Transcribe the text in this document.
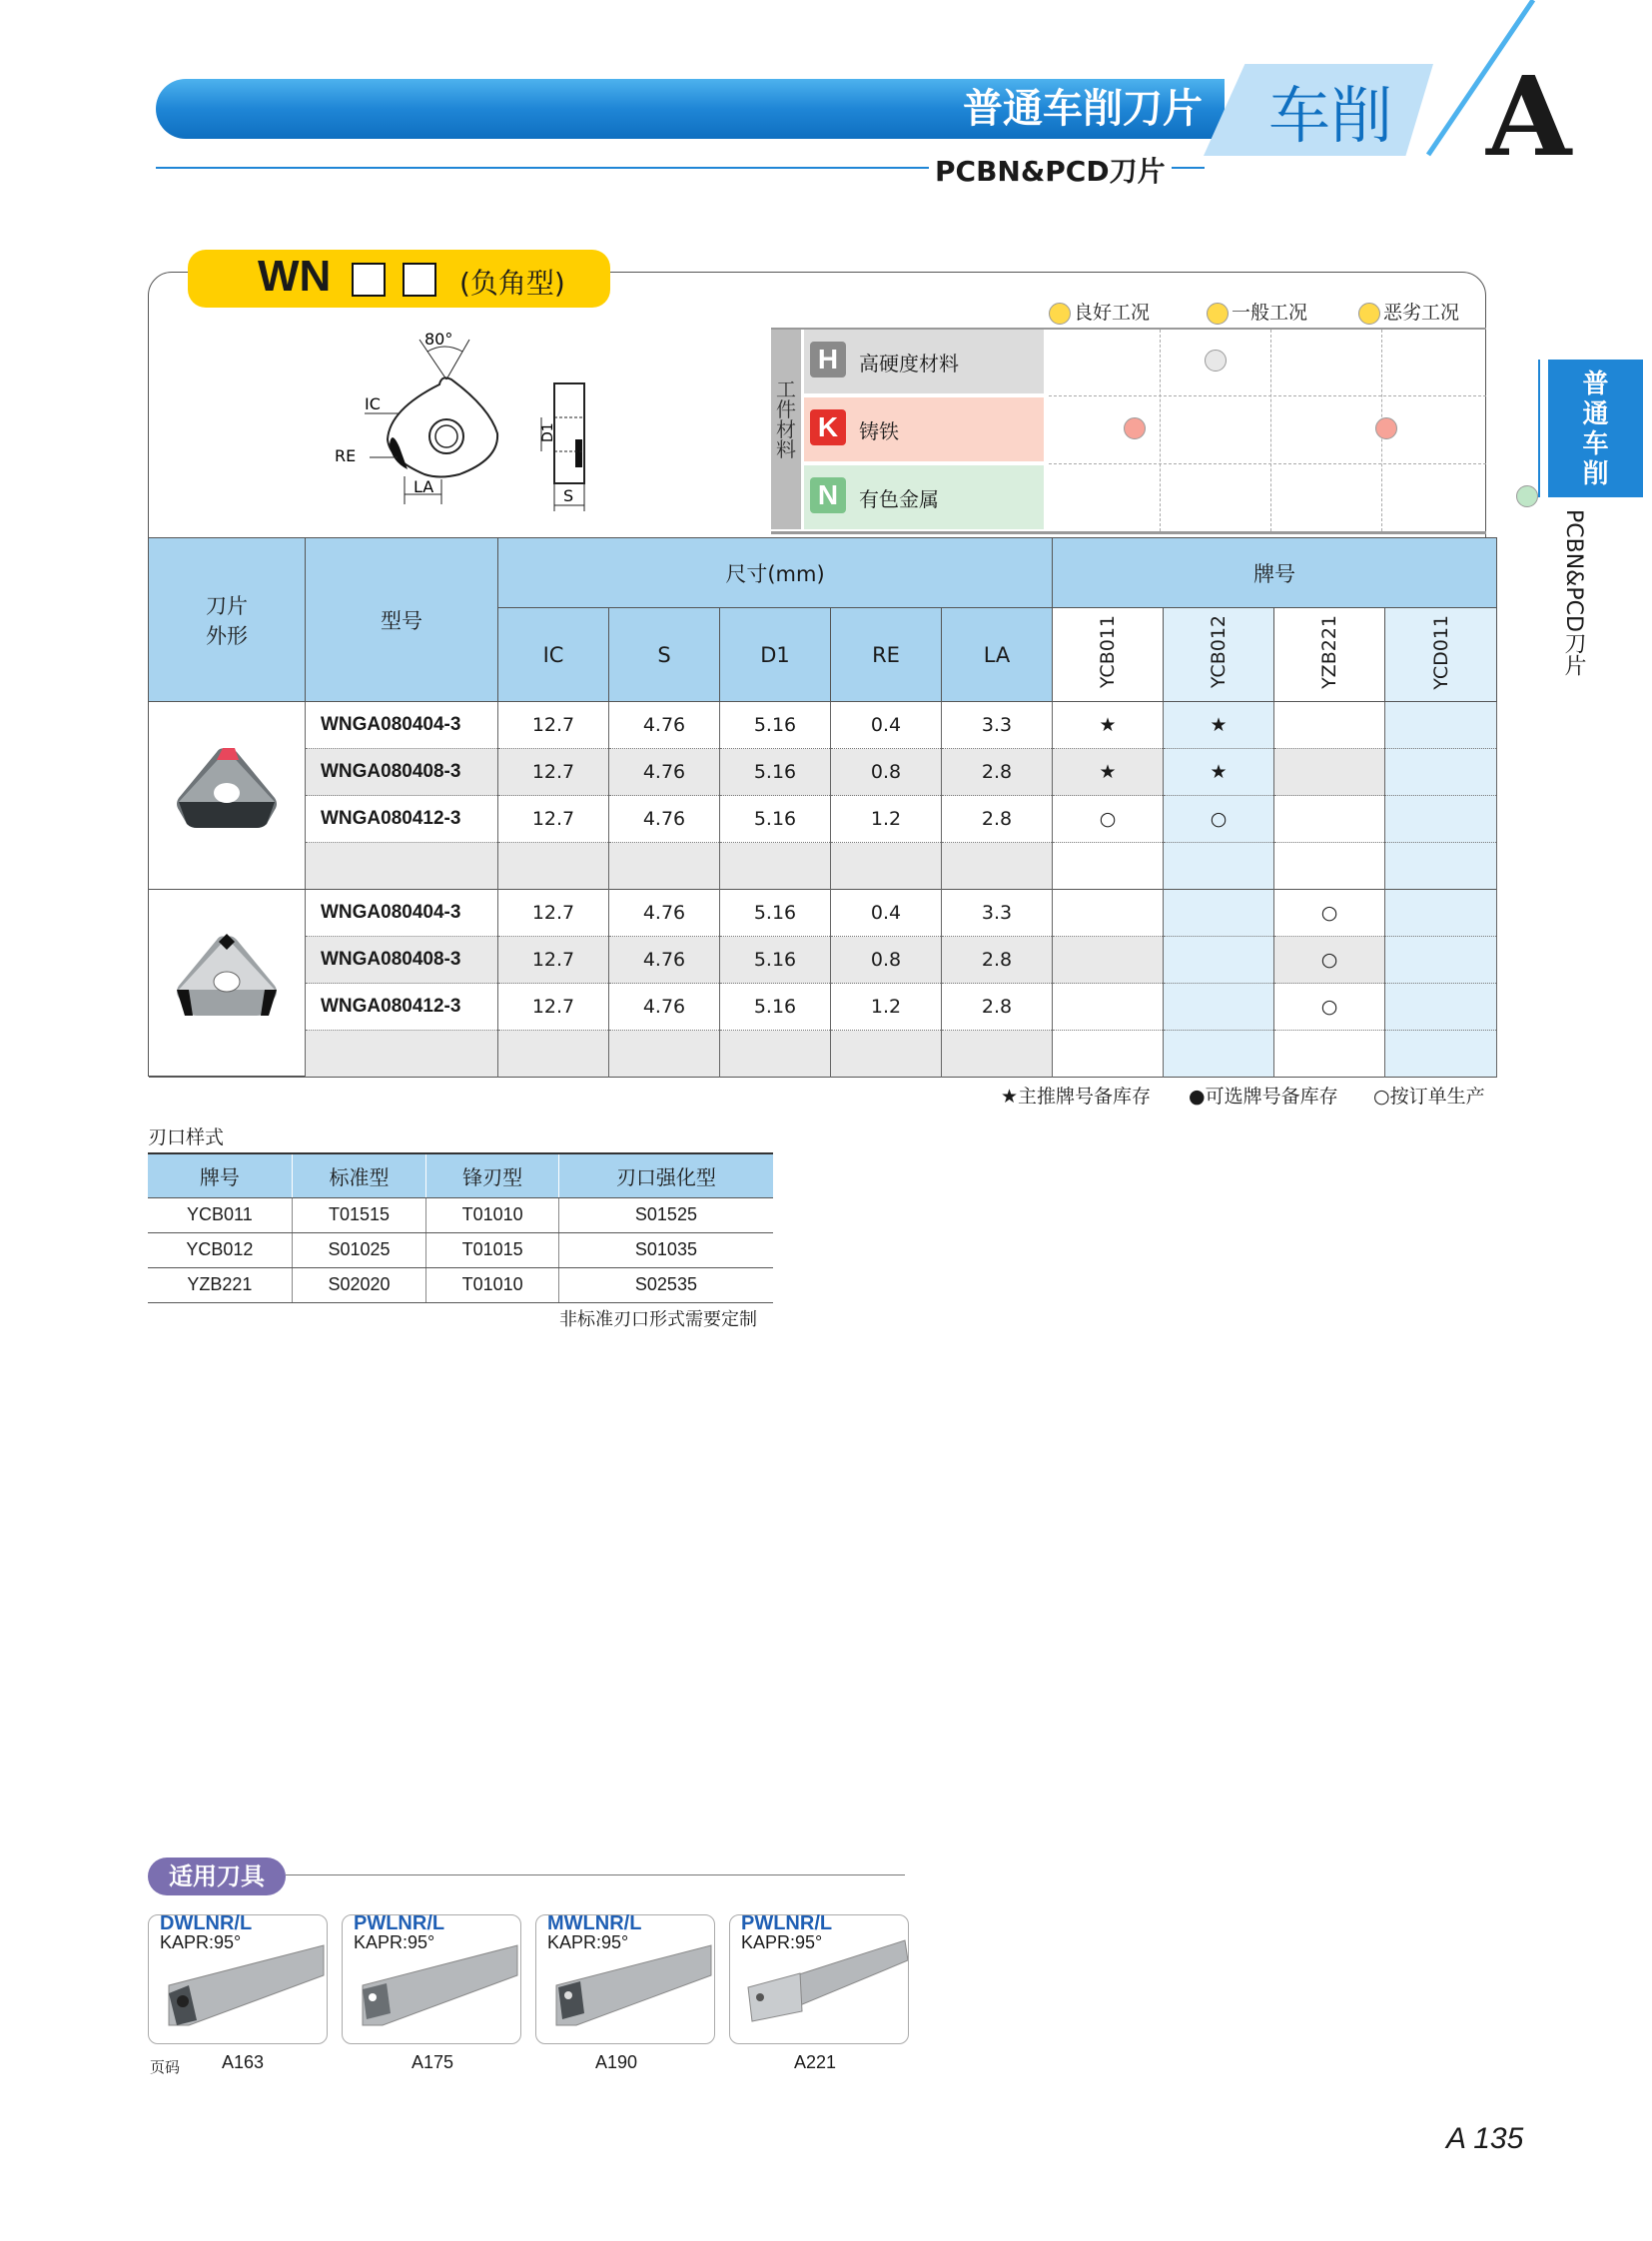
普通车削刀片 车削
PCBN&PCD刀片	A
普通车削
PCBN&PCD刀片
WN	(负角型)
80°
IC
RE
LA
D1
S
良好工况	一般工况	恶劣工况
工件材料
H	高硬度材料
K	铸铁
N	有色金属

刀片外形	型号	尺寸(mm)					牌号			
		IC	S	D1	RE	LA	YCB011	YCB012	YZB221	YCD011
	WNGA080404-3	12.7	4.76	5.16	0.4	3.3	★	★		
	WNGA080408-3	12.7	4.76	5.16	0.8	2.8	★	★		
	WNGA080412-3	12.7	4.76	5.16	1.2	2.8	○	○		

	WNGA080404-3	12.7	4.76	5.16	0.4	3.3			○	
	WNGA080408-3	12.7	4.76	5.16	0.8	2.8			○	
	WNGA080412-3	12.7	4.76	5.16	1.2	2.8			○	

★主推牌号备库存 ●可选牌号备库存 ○按订单生产
刃口样式
牌号	标准型	锋刃型	刃口强化型
YCB011	T01515	T01010	S01525
YCB012	S01025	T01015	S01035
YZB221	S02020	T01010	S02535
非标准刃口形式需要定制
适用刀具
DWLNR/L
KAPR:95°
PWLNR/L
KAPR:95°
MWLNR/L
KAPR:95°
PWLNR/L
KAPR:95°
页码 A163	A175	A190	A221
A 135
